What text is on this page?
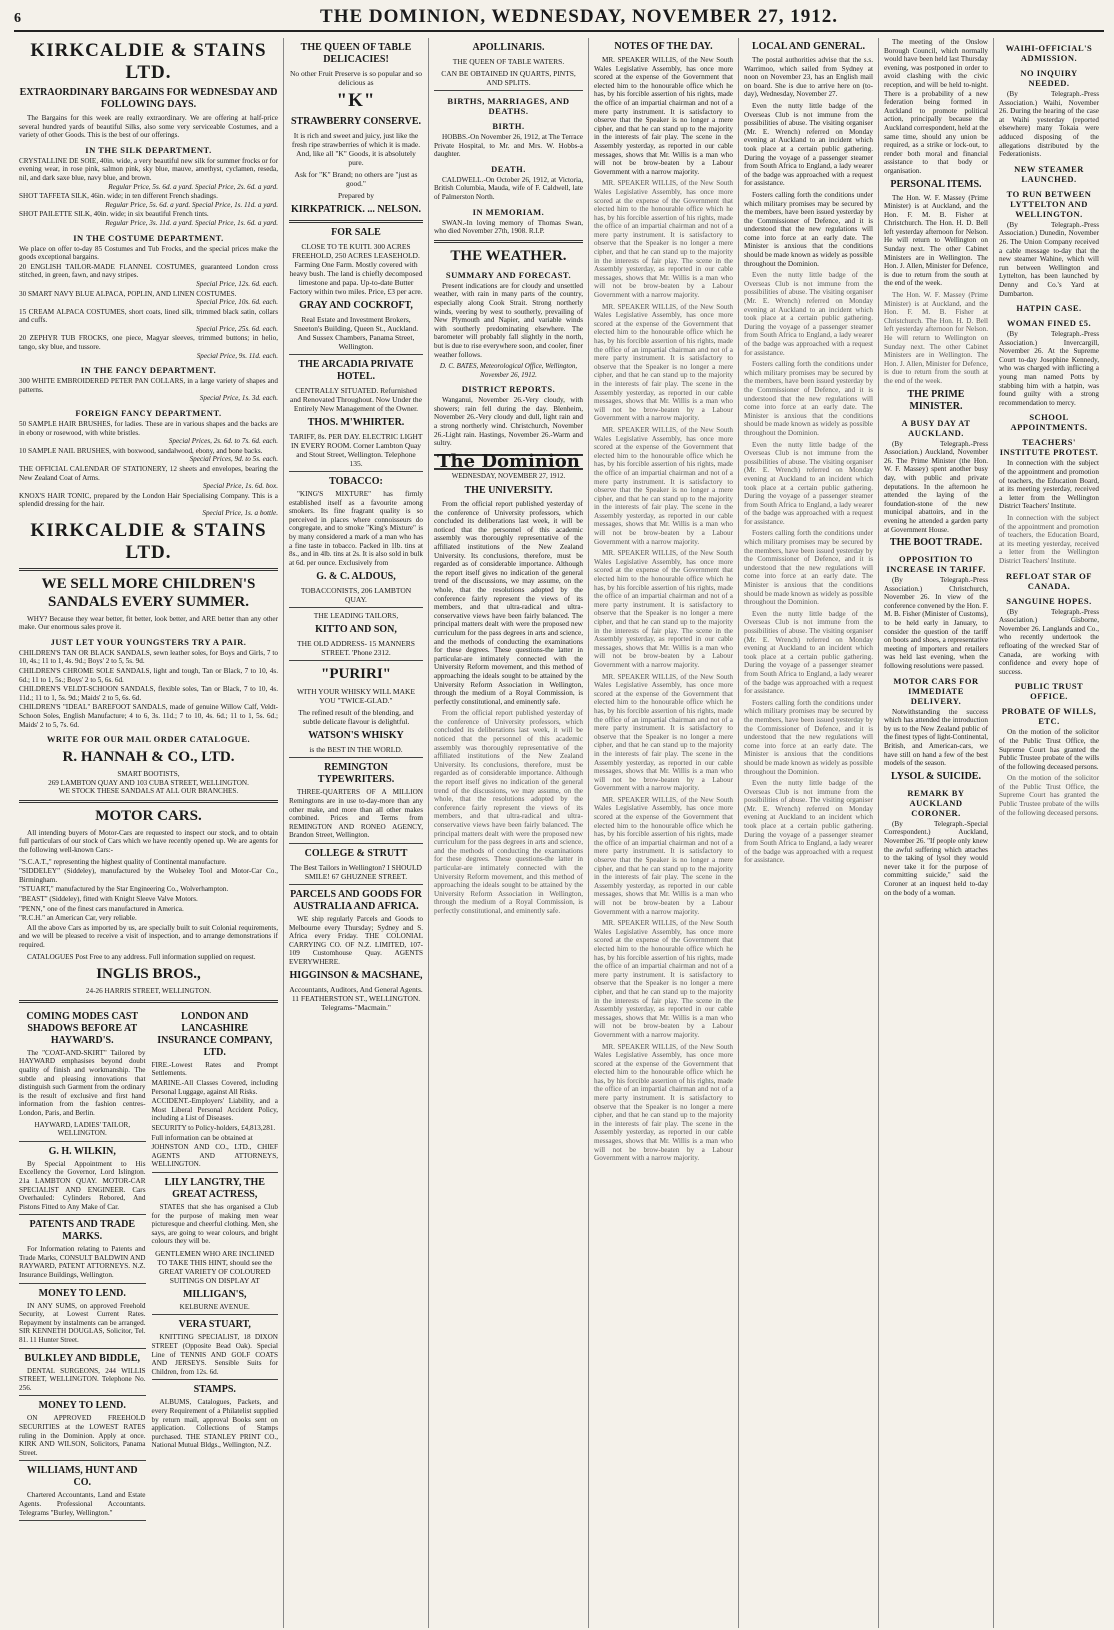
6	THE DOMINION, WEDNESDAY, NOVEMBER 27, 1912.
KIRKCALDIE & STAINS LTD.
EXTRAORDINARY BARGAINS FOR WEDNESDAY AND FOLLOWING DAYS.

The Bargains for this week are really extraordinary. We are offering at half-price several hundred yards of beautiful Silks, also some very serviceable Costumes, and a variety of other Goods. This is the best of our offerings.

IN THE SILK DEPARTMENT.

CRYSTALLINE DE SOIE, 40in. wide, a very beautiful new silk for summer frocks or for evening wear, in rose pink, salmon pink, sky blue, mauve, amethyst, cyclamen, reseda, nil, and dark saxe blue, navy blue, and brown.
Regular Price, 5s. 6d. a yard. Special Price, 2s. 6d. a yard.

SHOT TAFFETA SILK, 46in. wide; in ten different French shadings.
Regular Price, 5s. 6d. a yard. Special Price, 1s. 11d. a yard.

SHOT PAILETTE SILK, 40in. wide; in six beautiful French tints.
Regular Price, 3s. 11d. a yard. Special Price, 1s. 6d. a yard.

IN THE COSTUME DEPARTMENT.

We place on offer to-day 85 Costumes and Tub Frocks, and the special prices make the goods exceptional bargains.

20 ENGLISH TAILOR-MADE FLANNEL COSTUMES, guaranteed London cross stitched, in green, fawn, and navy stripes.
Special Price, 12s. 6d. each.

30 SMART NAVY BLUE ALPACA, POPLIN, AND LINEN COSTUMES.
Special Price, 10s. 6d. each.

15 CREAM ALPACA COSTUMES, short coats, lined silk, trimmed black satin, collars and cuffs.
Special Price, 25s. 6d. each.

20 ZEPHYR TUB FROCKS, one piece, Magyar sleeves, trimmed buttons; in helio, tango, sky blue, and tussore.
Special Price, 9s. 11d. each.

IN THE FANCY DEPARTMENT.

300 WHITE EMBROIDERED PETER PAN COLLARS, in a large variety of shapes and patterns.
Special Price, 1s. 3d. each.

FOREIGN FANCY DEPARTMENT.

50 SAMPLE HAIR BRUSHES, for ladies. These are in various shapes and the backs are in ebony or rosewood, with white bristles.
Special Prices, 2s. 6d. to 7s. 6d. each.

10 SAMPLE NAIL BRUSHES, with boxwood, sandalwood, ebony, and bone backs.
Special Prices, 9d. to 5s. each.

THE OFFICIAL CALENDAR OF STATIONERY, 12 sheets and envelopes, bearing the New Zealand Coat of Arms.
Special Price, 1s. 6d. box.

KNOX'S HAIR TONIC, prepared by the London Hair Specialising Company. This is a splendid dressing for the hair.
Special Price, 1s. a bottle.

KIRKCALDIE & STAINS LTD.
WE SELL MORE CHILDREN'S SANDALS EVERY SUMMER.

WHY? Because they wear better, fit better, look better, and ARE better than any other make. Our enormous sales prove it.

JUST LET YOUR YOUNGSTERS TRY A PAIR.

CHILDREN'S TAN OR BLACK SANDALS, sewn leather soles, for Boys and Girls, 7 to 10, 4s.; 11 to 1, 4s. 9d.; Boys' 2 to 5, 5s. 9d.

CHILDREN'S CHROME SOLE SANDALS, light and tough, Tan or Black, 7 to 10, 4s. 6d.; 11 to 1, 5s.; Boys' 2 to 5, 6s. 6d.

CHILDREN'S VELDT-SCHOON SANDALS, flexible soles, Tan or Black, 7 to 10, 4s. 11d.; 11 to 1, 5s. 9d.; Maids' 2 to 5, 6s. 6d.

CHILDREN'S "IDEAL" BAREFOOT SANDALS, made of genuine Willow Calf, Veldt-Schoon Soles, English Manufacture; 4 to 6, 3s. 11d.; 7 to 10, 4s. 6d.; 11 to 1, 5s. 6d.; Maids' 2 to 5, 7s. 6d.

WRITE FOR OUR MAIL ORDER CATALOGUE.
R. HANNAH & CO., LTD.
SMART BOOTISTS,
269 LAMBTON QUAY AND 103 CUBA STREET, WELLINGTON.
WE STOCK THESE SANDALS AT ALL OUR BRANCHES.
MOTOR CARS.

All intending buyers of Motor-Cars are requested to inspect our stock, and to obtain full particulars of our stock of Cars which we have recently opened up. We are agents for the following well-known Cars:-

"S.C.A.T.," representing the highest quality of Continental manufacture.

"SIDDELEY" (Siddeley), manufactured by the Wolseley Tool and Motor-Car Co., Birmingham.

"STUART," manufactured by the Star Engineering Co., Wolverhampton.

"BEAST" (Siddeley), fitted with Knight Sleeve Valve Motors.

"PENN," one of the finest cars manufactured in America.

"R.C.H." an American Car, very reliable.

All the above Cars as imported by us, are specially built to suit Colonial requirements, and we will be pleased to receive a visit of inspection, and to arrange demonstrations if required.

CATALOGUES Post Free to any address. Full information supplied on request.

INGLIS BROS.,
24-26 HARRIS STREET, WELLINGTON.
COMING MODES CAST SHADOWS BEFORE AT HAYWARD'S.

The "COAT-AND-SKIRT" Tailored by HAYWARD emphasises beyond doubt quality of finish and workmanship. The subtle and pleasing innovations that distinguish such Garment from the ordinary is the result of exclusive and first hand information from the fashion centres-London, Paris, and Berlin.

HAYWARD, LADIES' TAILOR, WELLINGTON.
G. H. WILKIN,

By Special Appointment to His Excellency the Governor, Lord Islington. 21a LAMBTON QUAY. MOTOR-CAR SPECIALIST AND ENGINEER. Cars Overhauled: Cylinders Rebored, And Pistons Fitted to Any Make of Car.

PATENTS AND TRADE MARKS.

For Information relating to Patents and Trade Marks, CONSULT BALDWIN AND RAYWARD, PATENT ATTORNEYS. N.Z. Insurance Buildings, Wellington.

MONEY TO LEND.

IN ANY SUMS, on approved Freehold Security, at Lowest Current Rates. Repayment by instalments can be arranged. SIR KENNETH DOUGLAS, Solicitor, Tel. 81. 11 Hunter Street.

BULKLEY AND BIDDLE,

DENTAL SURGEONS, 244 WILLIS STREET, WELLINGTON. Telephone No. 256.

MONEY TO LEND.

ON APPROVED FREEHOLD SECURITIES at the LOWEST RATES ruling in the Dominion. Apply at once. KIRK AND WILSON, Solicitors, Panama Street.

WILLIAMS, HUNT AND CO.

Chartered Accountants, Land and Estate Agents. Professional Accountants. Telegrams "Burley, Wellington."

LONDON AND LANCASHIRE INSURANCE COMPANY, LTD.

FIRE.-Lowest Rates and Prompt Settlements.

MARINE.-All Classes Covered, including Personal Luggage, against All Risks.

ACCIDENT.-Employers' Liability, and a Most Liberal Personal Accident Policy, including a List of Diseases.

SECURITY to Policy-holders, £4,813,281.

Full information can be obtained at

JOHNSTON AND CO., LTD., CHIEF AGENTS AND ATTORNEYS, WELLINGTON.

LILY LANGTRY, THE GREAT ACTRESS,

STATES that she has organised a Club for the purpose of making men wear picturesque and cheerful clothing. Men, she says, are going to wear colours, and bright colours they will be.

GENTLEMEN WHO ARE INCLINED TO TAKE THIS HINT, should see the GREAT VARIETY OF COLOURED SUITINGS ON DISPLAY AT
MILLIGAN'S,
KELBURNE AVENUE.
VERA STUART,

KNITTING SPECIALIST, 18 DIXON STREET (Opposite Bead Oak). Special Line of TENNIS AND GOLF COATS AND JERSEYS. Sensible Suits for Children, from 12s. 6d.

STAMPS.

ALBUMS, Catalogues, Packets, and every Requirement of a Philatelist supplied by return mail, approval Books sent on application. Collections of Stamps purchased. THE STANLEY PRINT CO., National Mutual Bldgs., Wellington, N.Z.

THE QUEEN OF TABLE DELICACIES!
No other Fruit Preserve is so popular and so delicious as
"K"
STRAWBERRY CONSERVE.
It is rich and sweet and juicy, just like the fresh ripe strawberries of which it is made. And, like all "K" Goods, it is absolutely pure.
Ask for "K" Brand; no others are "just as good."
Prepared by
KIRKPATRICK. ... NELSON.
FOR SALE
CLOSE TO TE KUITI. 300 ACRES FREEHOLD, 250 ACRES LEASEHOLD. Farming One Farm. Mostly covered with heavy bush. The land is chiefly decomposed limestone and papa. Up-to-date Butter Factory within two miles. Price, £3 per acre.
GRAY AND COCKROFT,
Real Estate and Investment Brokers, Sneeton's Building, Queen St., Auckland. And Sussex Chambers, Panama Street, Wellington.
THE ARCADIA PRIVATE HOTEL.
CENTRALLY SITUATED. Refurnished and Renovated Throughout. Now Under the Entirely New Management of the Owner.
THOS. M'WHIRTER.
TARIFF, 8s. PER DAY. ELECTRIC LIGHT IN EVERY ROOM. Corner Lambton Quay and Stout Street, Wellington. Telephone 135.
TOBACCO:

"KING'S MIXTURE" has firmly established itself as a favourite among smokers. Its fine fragrant quality is so perceived in places where connoisseurs do congregate, and to smoke "King's Mixture" is by many considered a mark of a man who has a fine taste in tobacco. Packed in 1lb. tins at 8s., and in 4lb. tins at 2s. It is also sold in bulk at 6d. per ounce. Exclusively from

G. & C. ALDOUS,
TOBACCONISTS, 206 LAMBTON QUAY.
THE LEADING TAILORS,
KITTO AND SON,
THE OLD ADDRESS- 15 MANNERS STREET. 'Phone 2312.
"PURIRI"
WITH YOUR WHISKY WILL MAKE YOU "TWICE-GLAD."
The refined result of the blending, and subtle delicate flavour is delightful.
WATSON'S WHISKY
is the BEST IN THE WORLD.
REMINGTON TYPEWRITERS.

THREE-QUARTERS OF A MILLION Remingtons are in use to-day-more than any other make, and more than all other makes combined. Prices and Terms from REMINGTON AND RONEO AGENCY, Brandon Street, Wellington.

COLLEGE & STRUTT
The Best Tailors in Wellington? I SHOULD SMILE! 67 GHUZNEE STREET.
PARCELS AND GOODS FOR AUSTRALIA AND AFRICA.

WE ship regularly Parcels and Goods to Melbourne every Thursday; Sydney and S. Africa every Friday. THE COLONIAL CARRYING CO. OF N.Z. LIMITED, 107-109 Customhouse Quay. AGENTS EVERYWHERE.

HIGGINSON & MACSHANE,
Accountants, Auditors, And General Agents. 11 FEATHERSTON ST., WELLINGTON. Telegrams-"Macmain."
APOLLINARIS.
THE QUEEN OF TABLE WATERS.
CAN BE OBTAINED IN QUARTS, PINTS, AND SPLITS.
BIRTHS, MARRIAGES, AND DEATHS.
BIRTH.

HOBBS.-On November 26, 1912, at The Terrace Private Hospital, to Mr. and Mrs. W. Hobbs-a daughter.

DEATH.

CALDWELL.-On October 26, 1912, at Victoria, British Columbia, Mauda, wife of F. Caldwell, late of Palmerston North.

IN MEMORIAM.

SWAN.-In loving memory of Thomas Swan, who died November 27th, 1908. R.I.P.

THE WEATHER.
SUMMARY AND FORECAST.

Present indications are for cloudy and unsettled weather, with rain in many parts of the country, especially along Cook Strait. Strong northerly winds, veering by west to southerly, prevailing of New Plymouth and Napier, and variable winds with southerly predominating elsewhere. The barometer will probably fall slightly in the north, but is due to rise everywhere soon, and cooler, finer weather follows.

D. C. BATES, Meteorological Office, Wellington, November 26, 1912.
DISTRICT REPORTS.

Wanganui, November 26.-Very cloudy, with showers; rain fell during the day. Blenheim, November 26.-Very cloudy and dull, light rain and a strong northerly wind. Christchurch, November 26.-Light rain. Hastings, November 26.-Warm and sultry.

The Dominion
WEDNESDAY, NOVEMBER 27, 1912.
THE UNIVERSITY.

From the official report published yesterday of the conference of University professors, which concluded its deliberations last week, it will be noticed that the personnel of this academic assembly was thoroughly representative of the affiliated institutions of the New Zealand University. Its conclusions, therefore, must be regarded as of considerable importance. Although the report itself gives no indication of the general trend of the discussions, we may assume, on the whole, that the resolutions adopted by the conference fairly represent the views of its members, and that ultra-radical and ultra-conservative views have been fairly balanced. The principal matters dealt with were the proposed new curriculum for the pass degrees in arts and science, and the methods of conducting the examinations for these degrees. These questions-the latter in particular-are intimately connected with the University Reform movement, and this method of approaching the ideals sought to be attained by the University Reform Association in Wellington, through the medium of a Royal Commission, is perfectly constitutional, and eminently safe.

From the official report published yesterday of the conference of University professors, which concluded its deliberations last week, it will be noticed that the personnel of this academic assembly was thoroughly representative of the affiliated institutions of the New Zealand University. Its conclusions, therefore, must be regarded as of considerable importance. Although the report itself gives no indication of the general trend of the discussions, we may assume, on the whole, that the resolutions adopted by the conference fairly represent the views of its members, and that ultra-radical and ultra-conservative views have been fairly balanced. The principal matters dealt with were the proposed new curriculum for the pass degrees in arts and science, and the methods of conducting the examinations for these degrees. These questions-the latter in particular-are intimately connected with the University Reform movement, and this method of approaching the ideals sought to be attained by the University Reform Association in Wellington, through the medium of a Royal Commission, is perfectly constitutional, and eminently safe.

NOTES OF THE DAY.

MR. SPEAKER WILLIS, of the New South Wales Legislative Assembly, has once more scored at the expense of the Government that elected him to the honourable office which he has, by his forcible assertion of his rights, made the office of an impartial chairman and not of a mere party instrument. It is satisfactory to observe that the Speaker is no longer a mere cipher, and that he can stand up to the majority in the interests of fair play. The scene in the Assembly yesterday, as reported in our cable messages, shows that Mr. Willis is a man who will not be brow-beaten by a Labour Government with a narrow majority.

MR. SPEAKER WILLIS, of the New South Wales Legislative Assembly, has once more scored at the expense of the Government that elected him to the honourable office which he has, by his forcible assertion of his rights, made the office of an impartial chairman and not of a mere party instrument. It is satisfactory to observe that the Speaker is no longer a mere cipher, and that he can stand up to the majority in the interests of fair play. The scene in the Assembly yesterday, as reported in our cable messages, shows that Mr. Willis is a man who will not be brow-beaten by a Labour Government with a narrow majority.

MR. SPEAKER WILLIS, of the New South Wales Legislative Assembly, has once more scored at the expense of the Government that elected him to the honourable office which he has, by his forcible assertion of his rights, made the office of an impartial chairman and not of a mere party instrument. It is satisfactory to observe that the Speaker is no longer a mere cipher, and that he can stand up to the majority in the interests of fair play. The scene in the Assembly yesterday, as reported in our cable messages, shows that Mr. Willis is a man who will not be brow-beaten by a Labour Government with a narrow majority.

MR. SPEAKER WILLIS, of the New South Wales Legislative Assembly, has once more scored at the expense of the Government that elected him to the honourable office which he has, by his forcible assertion of his rights, made the office of an impartial chairman and not of a mere party instrument. It is satisfactory to observe that the Speaker is no longer a mere cipher, and that he can stand up to the majority in the interests of fair play. The scene in the Assembly yesterday, as reported in our cable messages, shows that Mr. Willis is a man who will not be brow-beaten by a Labour Government with a narrow majority.

MR. SPEAKER WILLIS, of the New South Wales Legislative Assembly, has once more scored at the expense of the Government that elected him to the honourable office which he has, by his forcible assertion of his rights, made the office of an impartial chairman and not of a mere party instrument. It is satisfactory to observe that the Speaker is no longer a mere cipher, and that he can stand up to the majority in the interests of fair play. The scene in the Assembly yesterday, as reported in our cable messages, shows that Mr. Willis is a man who will not be brow-beaten by a Labour Government with a narrow majority.

MR. SPEAKER WILLIS, of the New South Wales Legislative Assembly, has once more scored at the expense of the Government that elected him to the honourable office which he has, by his forcible assertion of his rights, made the office of an impartial chairman and not of a mere party instrument. It is satisfactory to observe that the Speaker is no longer a mere cipher, and that he can stand up to the majority in the interests of fair play. The scene in the Assembly yesterday, as reported in our cable messages, shows that Mr. Willis is a man who will not be brow-beaten by a Labour Government with a narrow majority.

MR. SPEAKER WILLIS, of the New South Wales Legislative Assembly, has once more scored at the expense of the Government that elected him to the honourable office which he has, by his forcible assertion of his rights, made the office of an impartial chairman and not of a mere party instrument. It is satisfactory to observe that the Speaker is no longer a mere cipher, and that he can stand up to the majority in the interests of fair play. The scene in the Assembly yesterday, as reported in our cable messages, shows that Mr. Willis is a man who will not be brow-beaten by a Labour Government with a narrow majority.

MR. SPEAKER WILLIS, of the New South Wales Legislative Assembly, has once more scored at the expense of the Government that elected him to the honourable office which he has, by his forcible assertion of his rights, made the office of an impartial chairman and not of a mere party instrument. It is satisfactory to observe that the Speaker is no longer a mere cipher, and that he can stand up to the majority in the interests of fair play. The scene in the Assembly yesterday, as reported in our cable messages, shows that Mr. Willis is a man who will not be brow-beaten by a Labour Government with a narrow majority.

MR. SPEAKER WILLIS, of the New South Wales Legislative Assembly, has once more scored at the expense of the Government that elected him to the honourable office which he has, by his forcible assertion of his rights, made the office of an impartial chairman and not of a mere party instrument. It is satisfactory to observe that the Speaker is no longer a mere cipher, and that he can stand up to the majority in the interests of fair play. The scene in the Assembly yesterday, as reported in our cable messages, shows that Mr. Willis is a man who will not be brow-beaten by a Labour Government with a narrow majority.

LOCAL AND GENERAL.

The postal authorities advise that the s.s. Warrimoo, which sailed from Sydney at noon on November 23, has an English mail on board. She is due to arrive here on (to-day), Wednesday, November 27.

Even the nutty little badge of the Overseas Club is not immune from the possibilities of abuse. The visiting organiser (Mr. E. Wrench) referred on Monday evening at Auckland to an incident which took place at a certain public gathering. During the voyage of a passenger steamer from South Africa to England, a lady wearer of the badge was approached with a request for assistance.

Fosters calling forth the conditions under which military promises may be secured by the members, have been issued yesterday by the Commissioner of Defence, and it is understood that the new regulations will come into force at an early date. The Minister is anxious that the conditions should be made known as widely as possible throughout the Dominion.

Even the nutty little badge of the Overseas Club is not immune from the possibilities of abuse. The visiting organiser (Mr. E. Wrench) referred on Monday evening at Auckland to an incident which took place at a certain public gathering. During the voyage of a passenger steamer from South Africa to England, a lady wearer of the badge was approached with a request for assistance.

Fosters calling forth the conditions under which military promises may be secured by the members, have been issued yesterday by the Commissioner of Defence, and it is understood that the new regulations will come into force at an early date. The Minister is anxious that the conditions should be made known as widely as possible throughout the Dominion.

Even the nutty little badge of the Overseas Club is not immune from the possibilities of abuse. The visiting organiser (Mr. E. Wrench) referred on Monday evening at Auckland to an incident which took place at a certain public gathering. During the voyage of a passenger steamer from South Africa to England, a lady wearer of the badge was approached with a request for assistance.

Fosters calling forth the conditions under which military promises may be secured by the members, have been issued yesterday by the Commissioner of Defence, and it is understood that the new regulations will come into force at an early date. The Minister is anxious that the conditions should be made known as widely as possible throughout the Dominion.

Even the nutty little badge of the Overseas Club is not immune from the possibilities of abuse. The visiting organiser (Mr. E. Wrench) referred on Monday evening at Auckland to an incident which took place at a certain public gathering. During the voyage of a passenger steamer from South Africa to England, a lady wearer of the badge was approached with a request for assistance.

Fosters calling forth the conditions under which military promises may be secured by the members, have been issued yesterday by the Commissioner of Defence, and it is understood that the new regulations will come into force at an early date. The Minister is anxious that the conditions should be made known as widely as possible throughout the Dominion.

Even the nutty little badge of the Overseas Club is not immune from the possibilities of abuse. The visiting organiser (Mr. E. Wrench) referred on Monday evening at Auckland to an incident which took place at a certain public gathering. During the voyage of a passenger steamer from South Africa to England, a lady wearer of the badge was approached with a request for assistance.

The meeting of the Onslow Borough Council, which normally would have been held last Thursday evening, was postponed in order to avoid clashing with the civic reception, and will be held to-night. There is a probability of a new federation being formed in Auckland to promote political action, principally because the Auckland correspondent, held at the same time, should any union be required, as a strike or lock-out, to render both moral and financial assistance to that body or organisation.

PERSONAL ITEMS.

The Hon. W. F. Massey (Prime Minister) is at Auckland, and the Hon. F. M. B. Fisher at Christchurch. The Hon. H. D. Bell left yesterday afternoon for Nelson. He will return to Wellington on Sunday next. The other Cabinet Ministers are in Wellington. The Hon. J. Allen, Minister for Defence, is due to return from the south at the end of the week.

The Hon. W. F. Massey (Prime Minister) is at Auckland, and the Hon. F. M. B. Fisher at Christchurch. The Hon. H. D. Bell left yesterday afternoon for Nelson. He will return to Wellington on Sunday next. The other Cabinet Ministers are in Wellington. The Hon. J. Allen, Minister for Defence, is due to return from the south at the end of the week.

THE PRIME MINISTER.
A BUSY DAY AT AUCKLAND.

(By Telegraph.-Press Association.) Auckland, November 26. The Prime Minister (the Hon. W. F. Massey) spent another busy day, with public and private deputations. In the afternoon he attended the laying of the foundation-stone of the new municipal abattoirs, and in the evening he attended a garden party at Government House.

THE BOOT TRADE.
OPPOSITION TO INCREASE IN TARIFF.

(By Telegraph.-Press Association.) Christchurch, November 26. In view of the conference convened by the Hon. F. M. B. Fisher (Minister of Customs), to be held early in January, to consider the question of the tariff on boots and shoes, a representative meeting of importers and retailers was held last evening, when the following resolutions were passed.

MOTOR CARS FOR IMMEDIATE DELIVERY.

Notwithstanding the success which has attended the introduction by us to the New Zealand public of the finest types of light-Continental, British, and American-cars, we have still on hand a few of the best models of the season.

LYSOL & SUICIDE.
REMARK BY AUCKLAND CORONER.

(By Telegraph.-Special Correspondent.) Auckland, November 26. "If people only knew the awful suffering which attaches to the taking of lysol they would never take it for the purpose of committing suicide," said the Coroner at an inquest held to-day on the body of a woman.

WAIHI-OFFICIAL'S ADMISSION.
NO INQUIRY NEEDED.

(By Telegraph.-Press Association.) Waihi, November 26. During the hearing of the case at Waihi yesterday (reported elsewhere) many Tokaia were adduced disposing of the allegations distributed by the Federationists.

NEW STEAMER LAUNCHED.
TO RUN BETWEEN LYTTELTON AND WELLINGTON.

(By Telegraph.-Press Association.) Dunedin, November 26. The Union Company received a cable message to-day that the new steamer Wahine, which will run between Wellington and Lyttelton, has been launched by Denny and Co.'s Yard at Dumbarton.

HATPIN CASE.
WOMAN FINED £5.

(By Telegraph.-Press Association.) Invercargill, November 26. At the Supreme Court to-day Josephine Kennedy, who was charged with inflicting a young man named Potts by stabbing him with a hatpin, was found guilty with a strong recommendation to mercy.

SCHOOL APPOINTMENTS.
TEACHERS' INSTITUTE PROTEST.

In connection with the subject of the appointment and promotion of teachers, the Education Board, at its meeting yesterday, received a letter from the Wellington District Teachers' Institute.

In connection with the subject of the appointment and promotion of teachers, the Education Board, at its meeting yesterday, received a letter from the Wellington District Teachers' Institute.

REFLOAT STAR OF CANADA.
SANGUINE HOPES.

(By Telegraph.-Press Association.) Gisborne, November 26. Langlands and Co., who recently undertook the refloating of the wrecked Star of Canada, are working with confidence and every hope of success.

PUBLIC TRUST OFFICE.
PROBATE OF WILLS, ETC.

On the motion of the solicitor of the Public Trust Office, the Supreme Court has granted the Public Trustee probate of the wills of the following deceased persons.

On the motion of the solicitor of the Public Trust Office, the Supreme Court has granted the Public Trustee probate of the wills of the following deceased persons.
